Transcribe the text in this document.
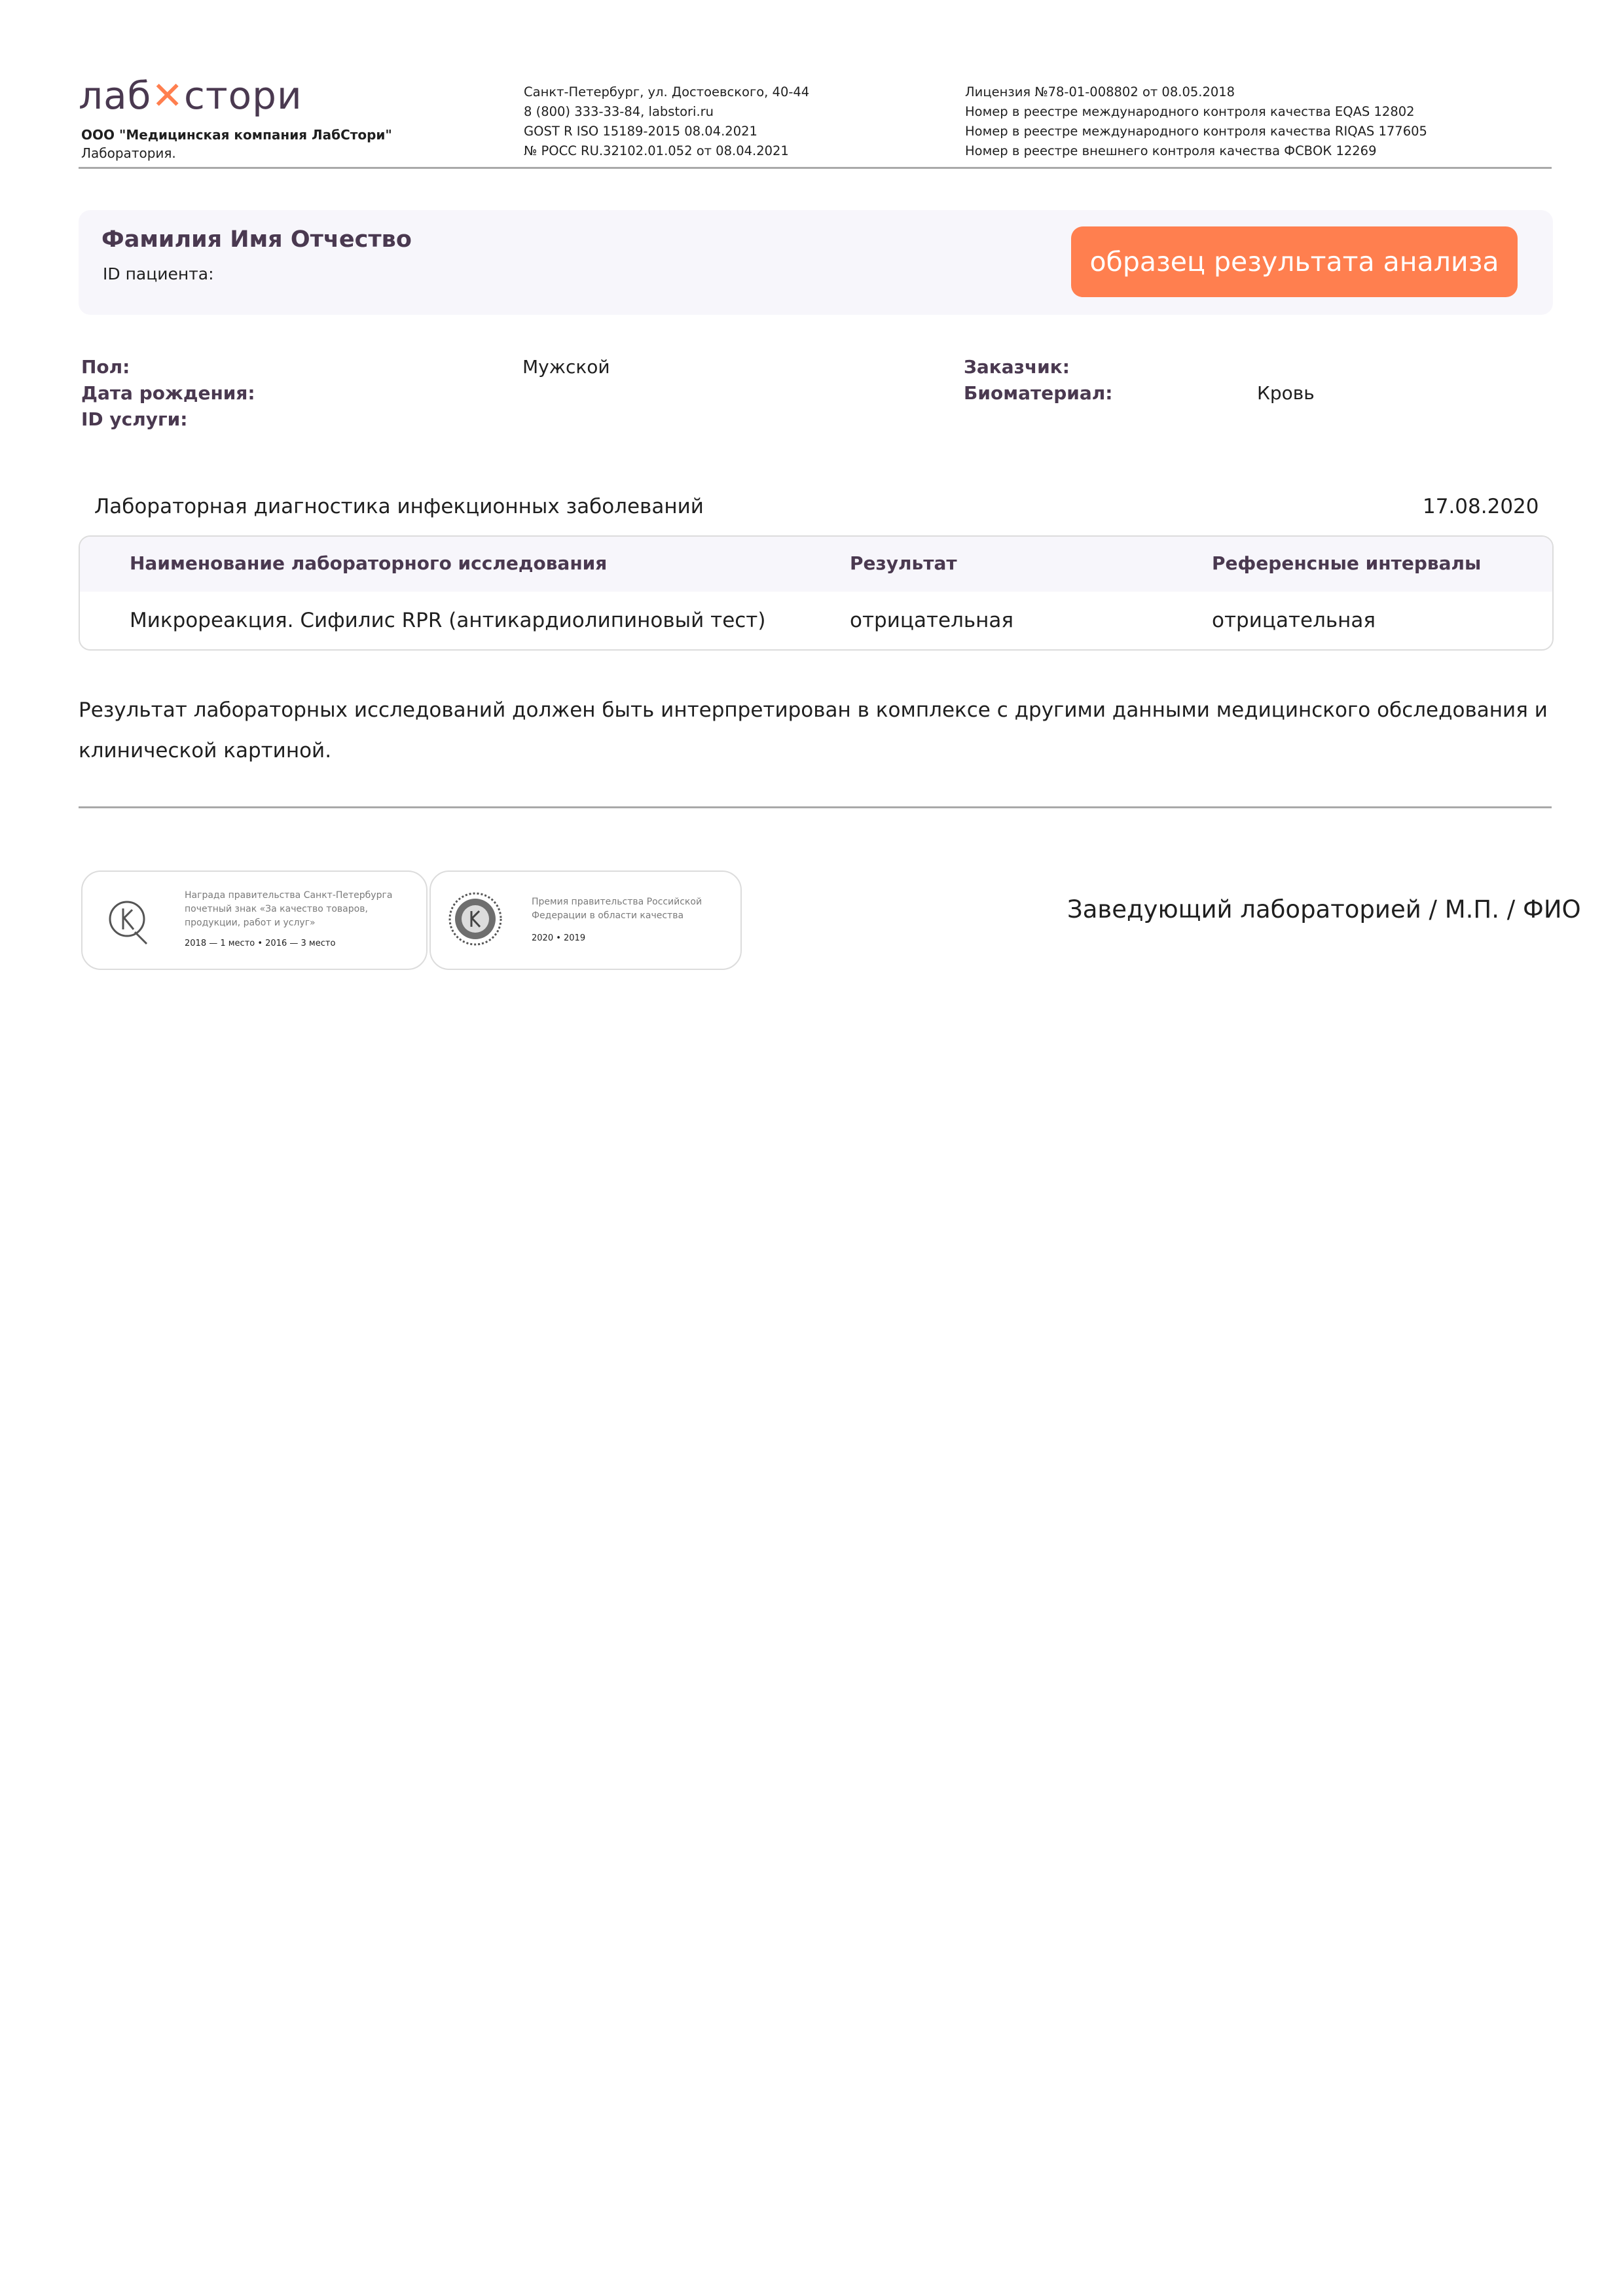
лаб✕стори
ООО "Медицинская компания ЛабСтори"
Лаборатория.
Санкт-Петербург, ул. Достоевского, 40-44
8 (800) 333-33-84, labstori.ru
GOST R ISO 15189-2015 08.04.2021
№ РОСС RU.32102.01.052 от 08.04.2021
Лицензия №78-01-008802 от 08.05.2018
Номер в реестре международного контроля качества EQAS 12802
Номер в реестре международного контроля качества RIQAS 177605
Номер в реестре внешнего контроля качества ФСВОК 12269
Фамилия Имя Отчество
ID пациента:	образец результата анализа
Пол:	Мужской
Дата рождения:
ID услуги:
Заказчик:
Биоматериал:	Кровь
Лабораторная диагностика инфекционных заболеваний	17.08.2020
Наименование лабораторного исследования	Результат	Референсные интервалы
Микрореакция. Сифилис RPR (антикардиолипиновый тест)	отрицательная	отрицательная
Результат лабораторных исследований должен быть интерпретирован в комплексе с другими данными медицинского обследования и
клинической картиной.
Награда правительства Санкт-Петербурга
почетный знак «За качество товаров,
продукции, работ и услуг»
2018 — 1 место • 2016 — 3 место
Премия правительства Российской
Федерации в области качества
2020 • 2019
Заведующий лабораторией / М.П. / ФИО
